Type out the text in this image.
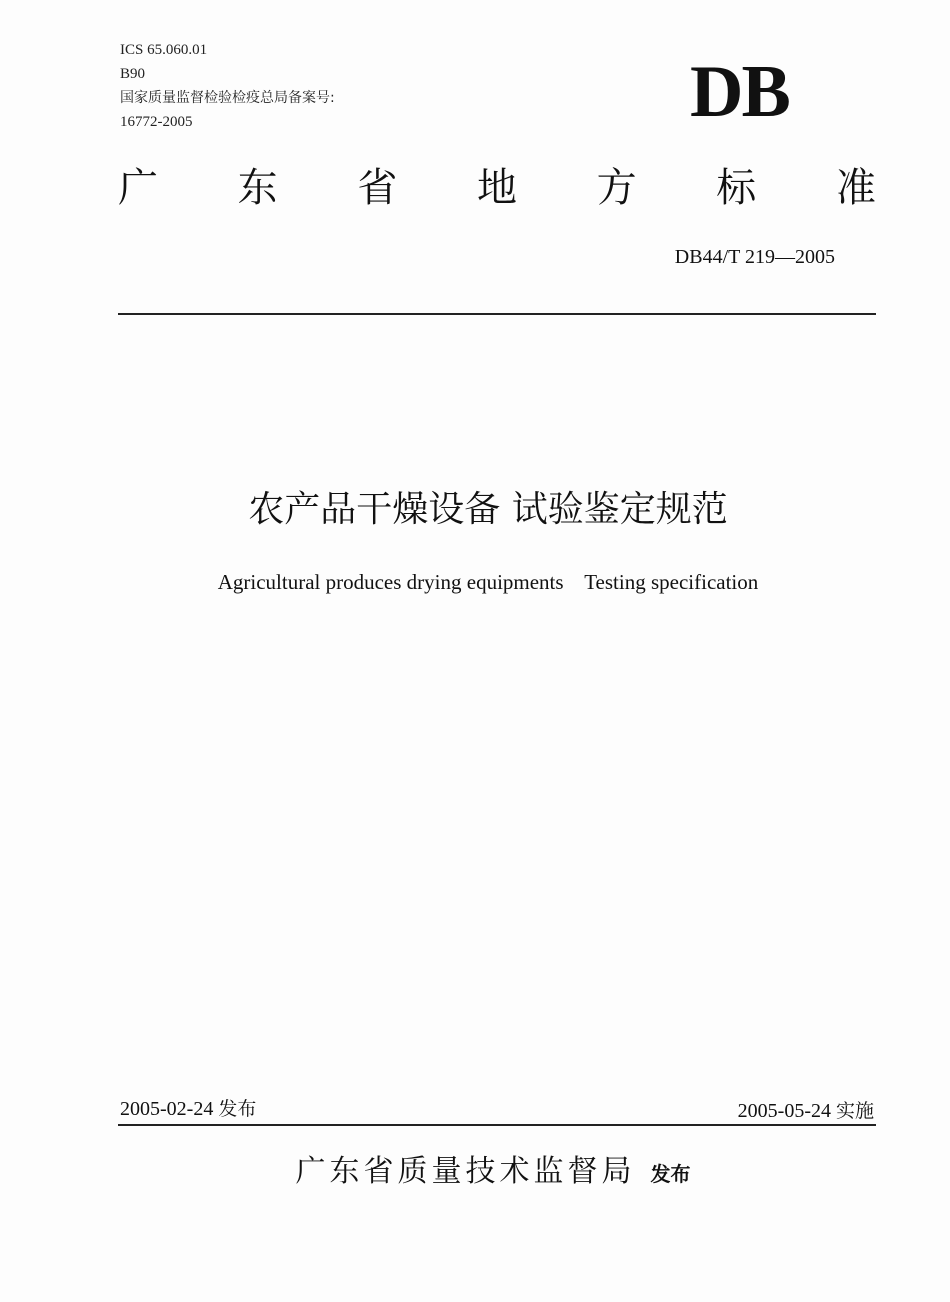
ICS 65.060.01
B90
国家质量监督检验检疫总局备案号:
16772-2005	DB
广 东 省 地 方 标 准
DB44/T 219—2005
农产品干燥设备 试验鉴定规范
Agricultural produces drying equipments    Testing specification
2005-02-24 发布	2005-05-24 实施
广东省质量技术监督局 发布
